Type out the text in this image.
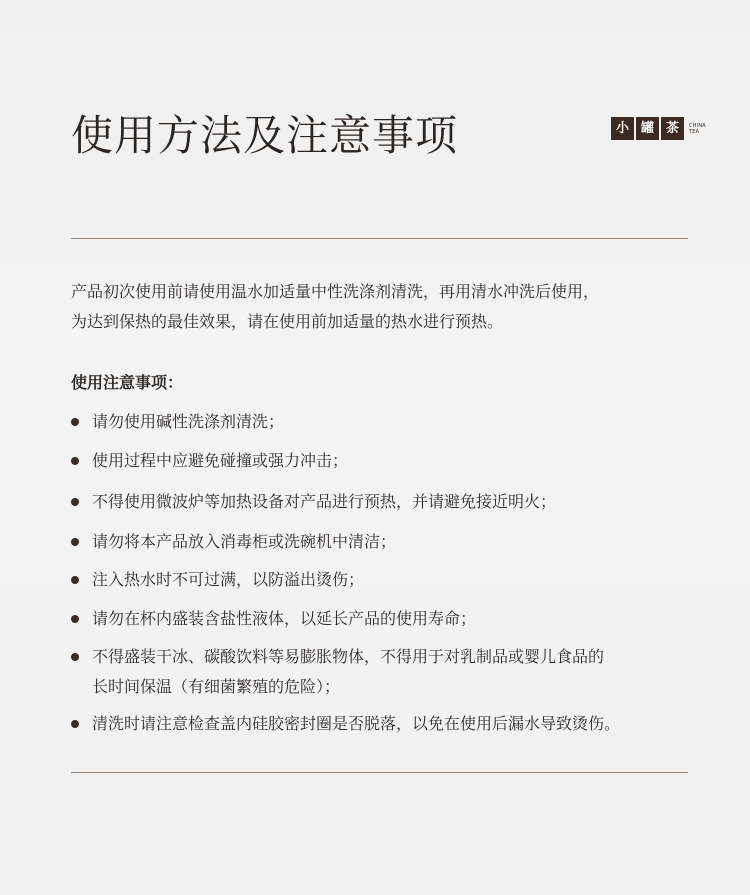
使用方法及注意事项	小 罐 茶	CHINA
TEA
产品初次使用前请使用温水加适量中性洗涤剂清洗，再用清水冲洗后使用，
为达到保热的最佳效果，请在使用前加适量的热水进行预热。
使用注意事项：
请勿使用碱性洗涤剂清洗；
使用过程中应避免碰撞或强力冲击；
不得使用微波炉等加热设备对产品进行预热，并请避免接近明火；
请勿将本产品放入消毒柜或洗碗机中清洁；
注入热水时不可过满，以防溢出烫伤；
请勿在杯内盛装含盐性液体，以延长产品的使用寿命；
不得盛装干冰、碳酸饮料等易膨胀物体，不得用于对乳制品或婴儿食品的
长时间保温（有细菌繁殖的危险）；
清洗时请注意检查盖内硅胶密封圈是否脱落，以免在使用后漏水导致烫伤。
